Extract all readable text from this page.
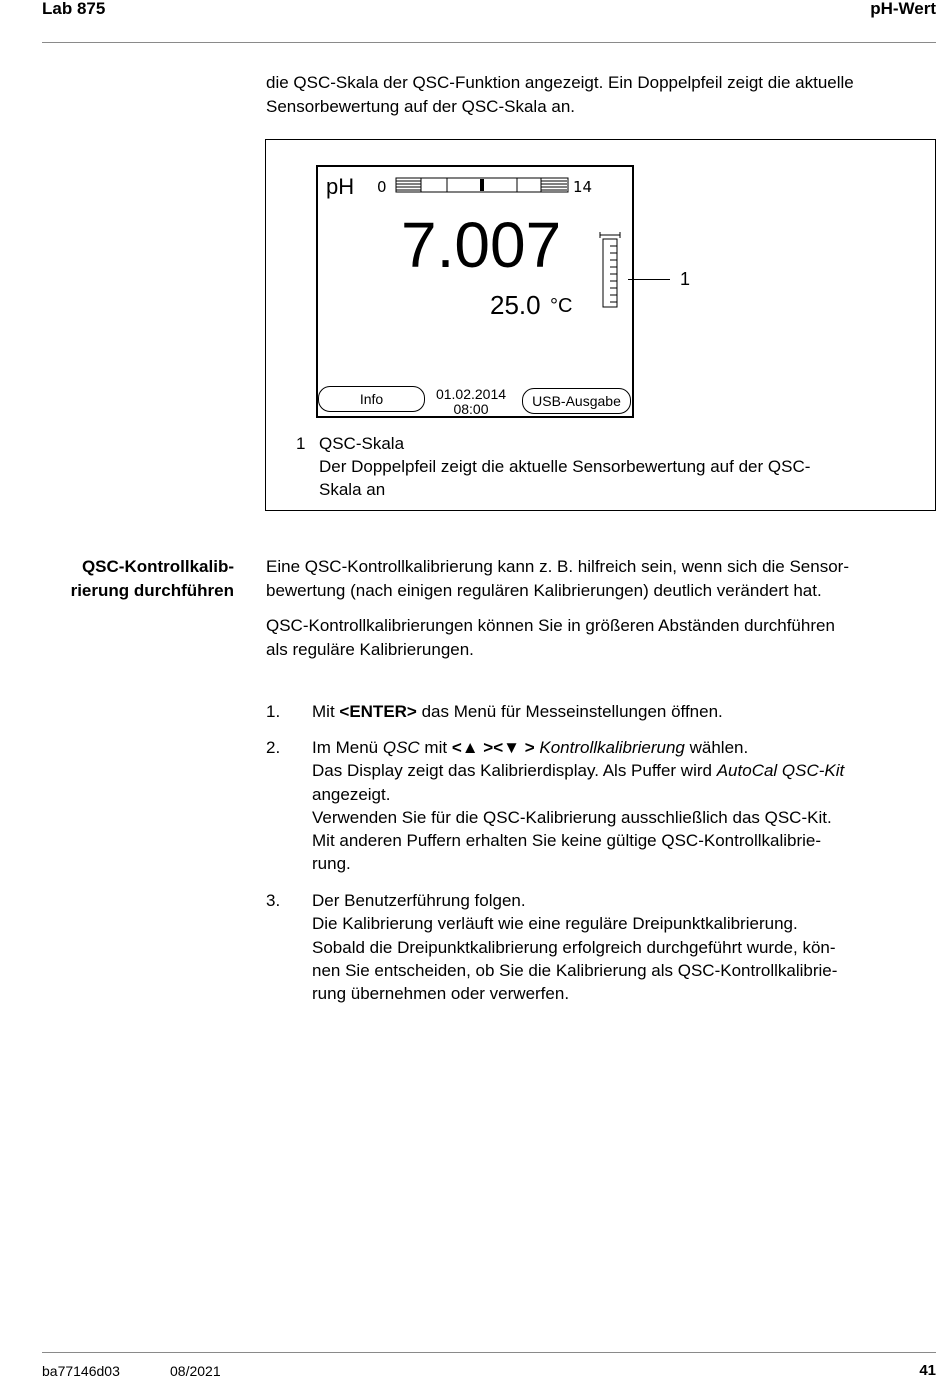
Lab 875	pH-Wert
die QSC-Skala der QSC-Funktion angezeigt. Ein Doppelpfeil zeigt die aktuelle
Sensorbewertung auf der QSC-Skala an.
pH 0	14
7.007
25.0 °C
1
Info	01.02.2014
08:00	USB-Ausgabe
1 QSC-Skala
Der Doppelpfeil zeigt die aktuelle Sensorbewertung auf der QSC-
Skala an
QSC-Kontrollkalib-
rierung durchführen
Eine QSC-Kontrollkalibrierung kann z. B. hilfreich sein, wenn sich die Sensor-
bewertung (nach einigen regulären Kalibrierungen) deutlich verändert hat.
QSC-Kontrollkalibrierungen können Sie in größeren Abständen durchführen
als reguläre Kalibrierungen.
1. Mit <ENTER> das Menü für Messeinstellungen öffnen.
2. Im Menü QSC mit <▲ ><▼ > Kontrollkalibrierung wählen.
Das Display zeigt das Kalibrierdisplay. Als Puffer wird AutoCal QSC-Kit
angezeigt.
Verwenden Sie für die QSC-Kalibrierung ausschließlich das QSC-Kit.
Mit anderen Puffern erhalten Sie keine gültige QSC-Kontrollkalibrie-
rung.
3. Der Benutzerführung folgen.
Die Kalibrierung verläuft wie eine reguläre Dreipunktkalibrierung.
Sobald die Dreipunktkalibrierung erfolgreich durchgeführt wurde, kön-
nen Sie entscheiden, ob Sie die Kalibrierung als QSC-Kontrollkalibrie-
rung übernehmen oder verwerfen.
ba77146d03	08/2021	41
